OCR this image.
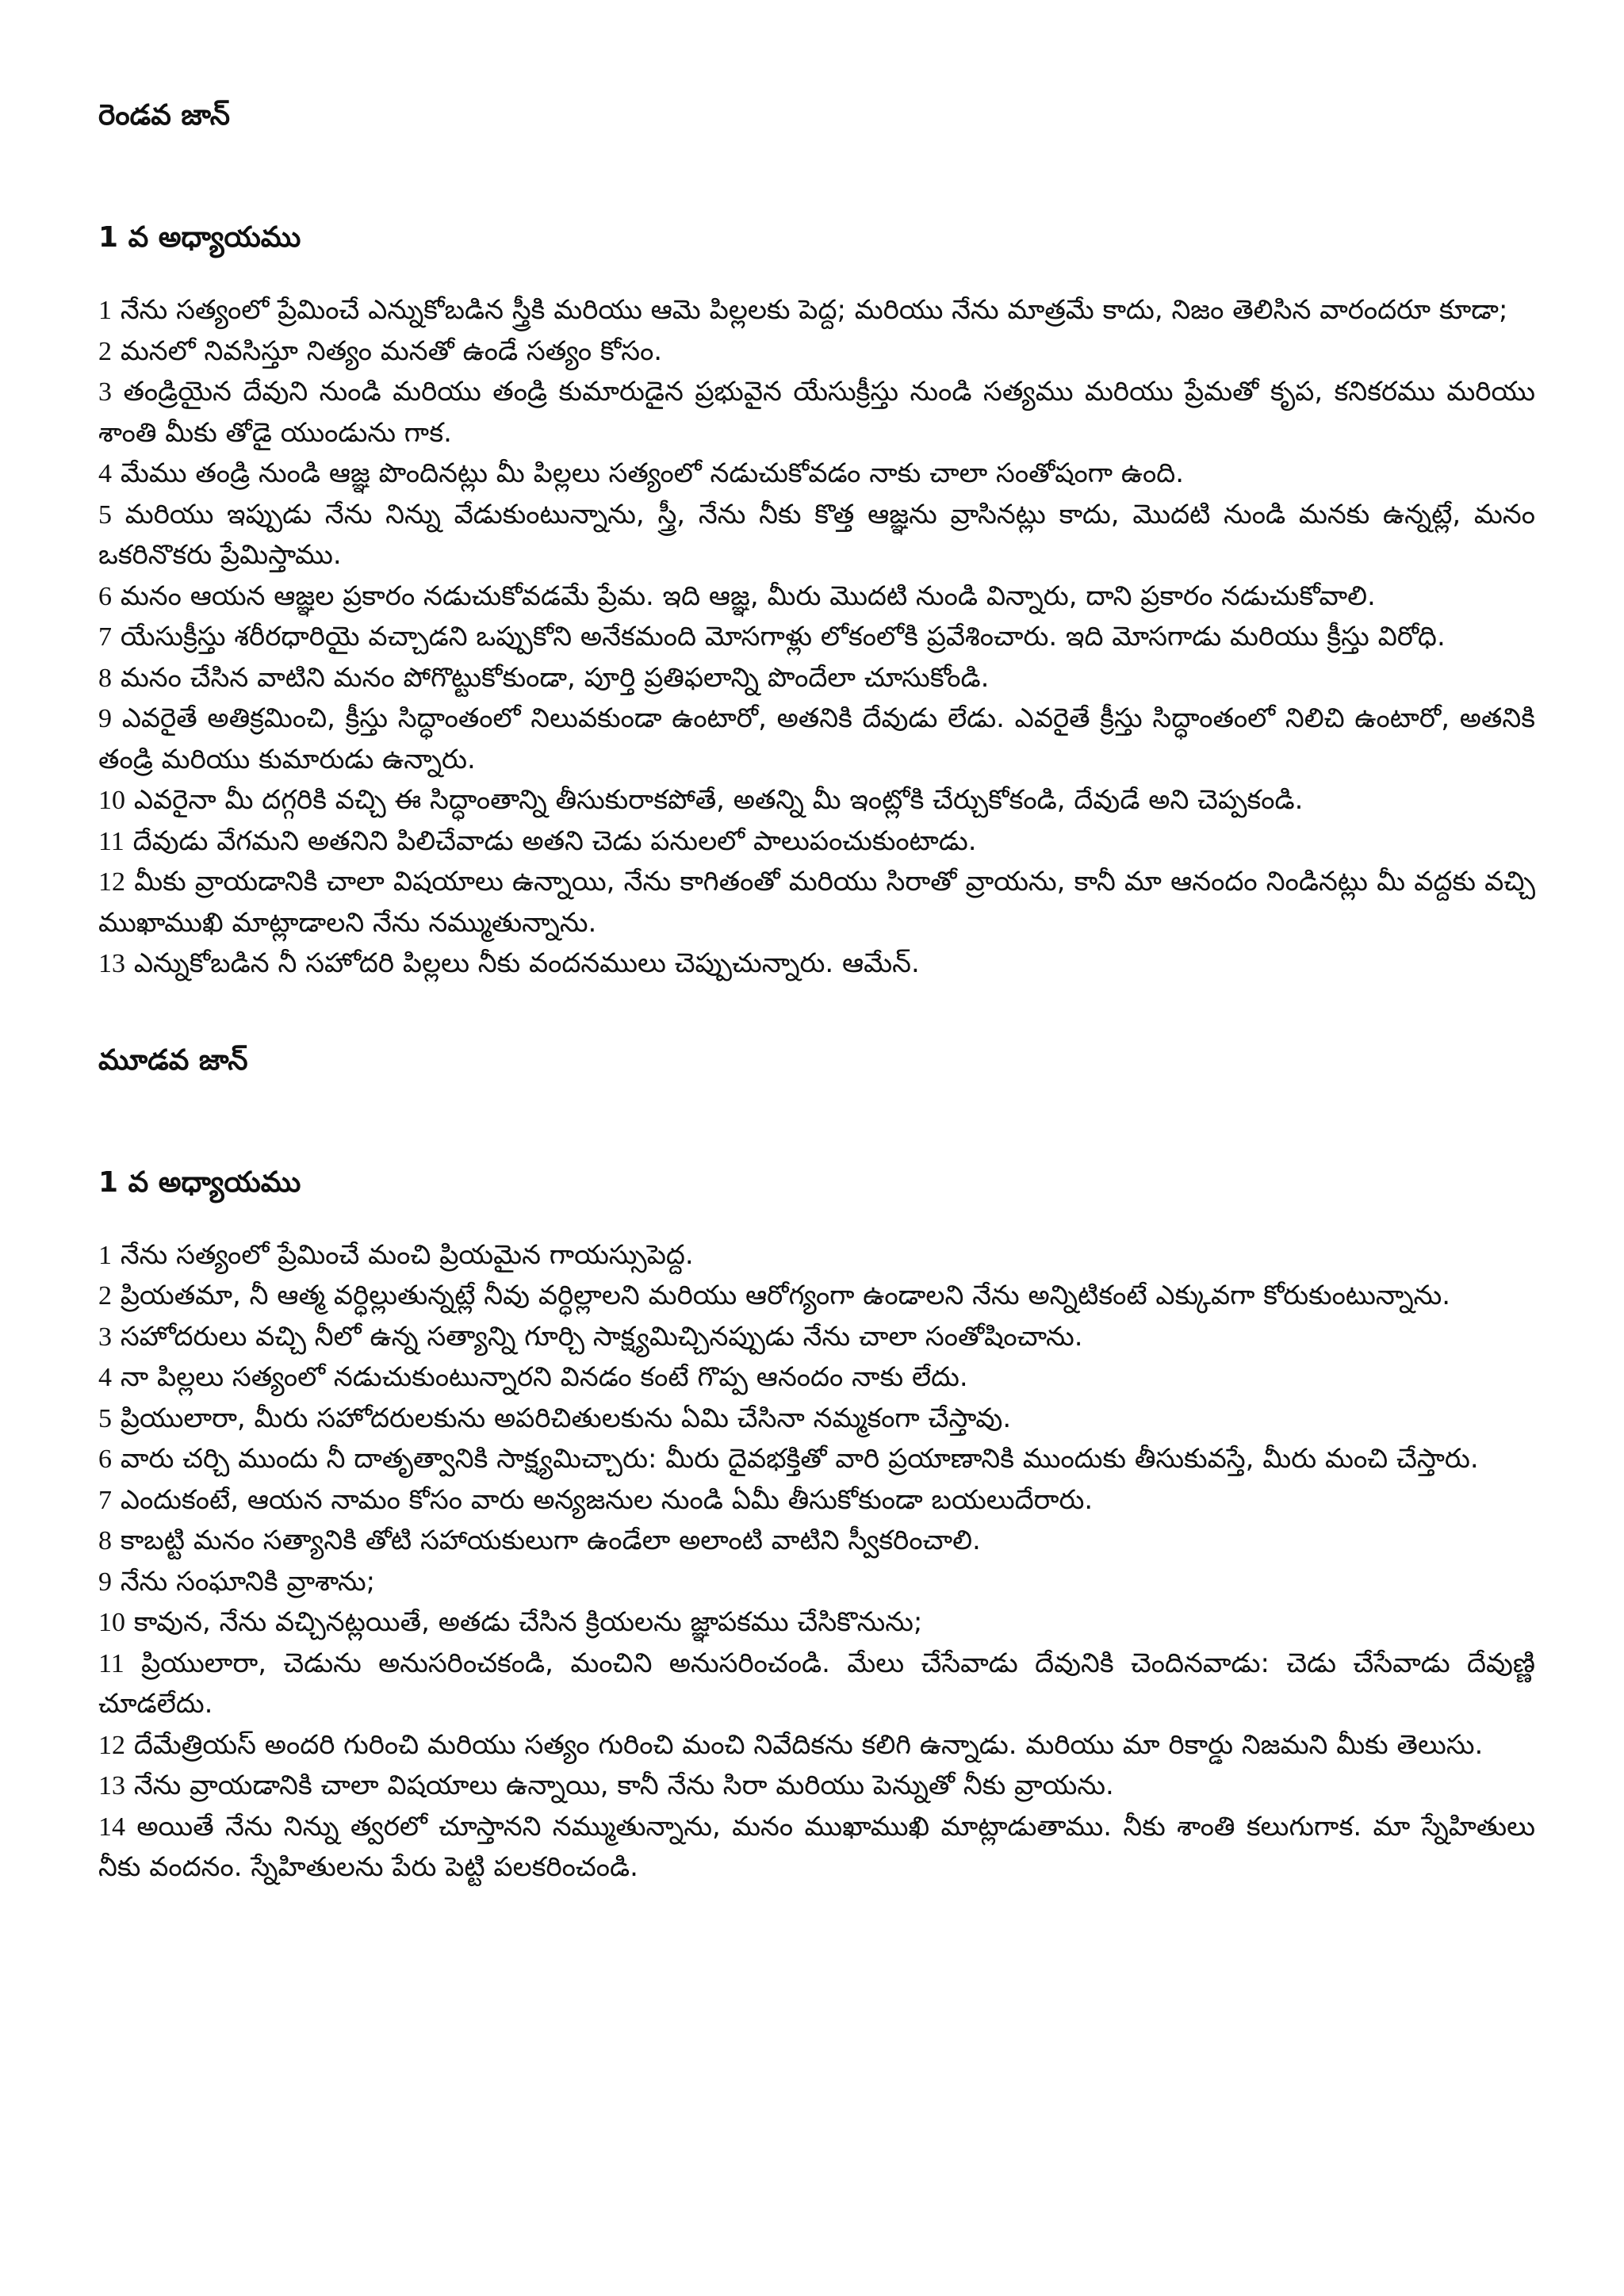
రెండవ జాన్
1 వ అధ్యాయము

1 నేను సత్యంలో ప్రేమించే ఎన్నుకోబడిన స్త్రీకి మరియు ఆమె పిల్లలకు పెద్ద; మరియు నేను మాత్రమే కాదు, నిజం తెలిసిన వారందరూ కూడా;

2 మనలో నివసిస్తూ నిత్యం మనతో ఉండే సత్యం కోసం.

3 తండ్రియైన దేవుని నుండి మరియు తండ్రి కుమారుడైన ప్రభువైన యేసుక్రీస్తు నుండి సత్యము మరియు ప్రేమతో కృప, కనికరము మరియు శాంతి మీకు తోడై యుండును గాక.

4 మేము తండ్రి నుండి ఆజ్ఞ పొందినట్లు మీ పిల్లలు సత్యంలో నడుచుకోవడం నాకు చాలా సంతోషంగా ఉంది.

5 మరియు ఇప్పుడు నేను నిన్ను వేడుకుంటున్నాను, స్త్రీ, నేను నీకు కొత్త ఆజ్ఞను వ్రాసినట్లు కాదు, మొదటి నుండి మనకు ఉన్నట్లే, మనం ఒకరినొకరు ప్రేమిస్తాము.

6 మనం ఆయన ఆజ్ఞల ప్రకారం నడుచుకోవడమే ప్రేమ. ఇది ఆజ్ఞ, మీరు మొదటి నుండి విన్నారు, దాని ప్రకారం నడుచుకోవాలి.

7 యేసుక్రీస్తు శరీరధారియై వచ్చాడని ఒప్పుకోని అనేకమంది మోసగాళ్లు లోకంలోకి ప్రవేశించారు. ఇది మోసగాడు మరియు క్రీస్తు విరోధి.

8 మనం చేసిన వాటిని మనం పోగొట్టుకోకుండా, పూర్తి ప్రతిఫలాన్ని పొందేలా చూసుకోండి.

9 ఎవరైతే అతిక్రమించి, క్రీస్తు సిద్ధాంతంలో నిలువకుండా ఉంటారో, అతనికి దేవుడు లేడు. ఎవరైతే క్రీస్తు సిద్ధాంతంలో నిలిచి ఉంటారో, అతనికి తండ్రి మరియు కుమారుడు ఉన్నారు.

10 ఎవరైనా మీ దగ్గరికి వచ్చి ఈ సిద్ధాంతాన్ని తీసుకురాకపోతే, అతన్ని మీ ఇంట్లోకి చేర్చుకోకండి, దేవుడే అని చెప్పకండి.

11 దేవుడు వేగమని అతనిని పిలిచేవాడు అతని చెడు పనులలో పాలుపంచుకుంటాడు.

12 మీకు వ్రాయడానికి చాలా విషయాలు ఉన్నాయి, నేను కాగితంతో మరియు సిరాతో వ్రాయను, కానీ మా ఆనందం నిండినట్లు మీ వద్దకు వచ్చి ముఖాముఖి మాట్లాడాలని నేను నమ్ముతున్నాను.

13 ఎన్నుకోబడిన నీ సహోదరి పిల్లలు నీకు వందనములు చెప్పుచున్నారు. ఆమేన్.

మూడవ జాన్
1 వ అధ్యాయము

1 నేను సత్యంలో ప్రేమించే మంచి ప్రియమైన గాయస్సుపెద్ద.

2 ప్రియతమా, నీ ఆత్మ వర్ధిల్లుతున్నట్లే నీవు వర్ధిల్లాలని మరియు ఆరోగ్యంగా ఉండాలని నేను అన్నిటికంటే ఎక్కువగా కోరుకుంటున్నాను.

3 సహోదరులు వచ్చి నీలో ఉన్న సత్యాన్ని గూర్చి సాక్ష్యమిచ్చినప్పుడు నేను చాలా సంతోషించాను.

4 నా పిల్లలు సత్యంలో నడుచుకుంటున్నారని వినడం కంటే గొప్ప ఆనందం నాకు లేదు.

5 ప్రియులారా, మీరు సహోదరులకును అపరిచితులకును ఏమి చేసినా నమ్మకంగా చేస్తావు.

6 వారు చర్చి ముందు నీ దాతృత్వానికి సాక్ష్యమిచ్చారు: మీరు దైవభక్తితో వారి ప్రయాణానికి ముందుకు తీసుకువస్తే, మీరు మంచి చేస్తారు.

7 ఎందుకంటే, ఆయన నామం కోసం వారు అన్యజనుల నుండి ఏమీ తీసుకోకుండా బయలుదేరారు.

8 కాబట్టి మనం సత్యానికి తోటి సహాయకులుగా ఉండేలా అలాంటి వాటిని స్వీకరించాలి.

9 నేను సంఘానికి వ్రాశాను;

10 కావున, నేను వచ్చినట్లయితే, అతడు చేసిన క్రియలను జ్ఞాపకము చేసికొనును;

11 ప్రియులారా, చెడును అనుసరించకండి, మంచిని అనుసరించండి. మేలు చేసేవాడు దేవునికి చెందినవాడు: చెడు చేసేవాడు దేవుణ్ణి చూడలేదు.

12 దేమేత్రియస్ అందరి గురించి మరియు సత్యం గురించి మంచి నివేదికను కలిగి ఉన్నాడు. మరియు మా రికార్డు నిజమని మీకు తెలుసు.

13 నేను వ్రాయడానికి చాలా విషయాలు ఉన్నాయి, కానీ నేను సిరా మరియు పెన్నుతో నీకు వ్రాయను.

14 అయితే నేను నిన్ను త్వరలో చూస్తానని నమ్ముతున్నాను, మనం ముఖాముఖి మాట్లాడుతాము. నీకు శాంతి కలుగుగాక. మా స్నేహితులు నీకు వందనం. స్నేహితులను పేరు పెట్టి పలకరించండి.
